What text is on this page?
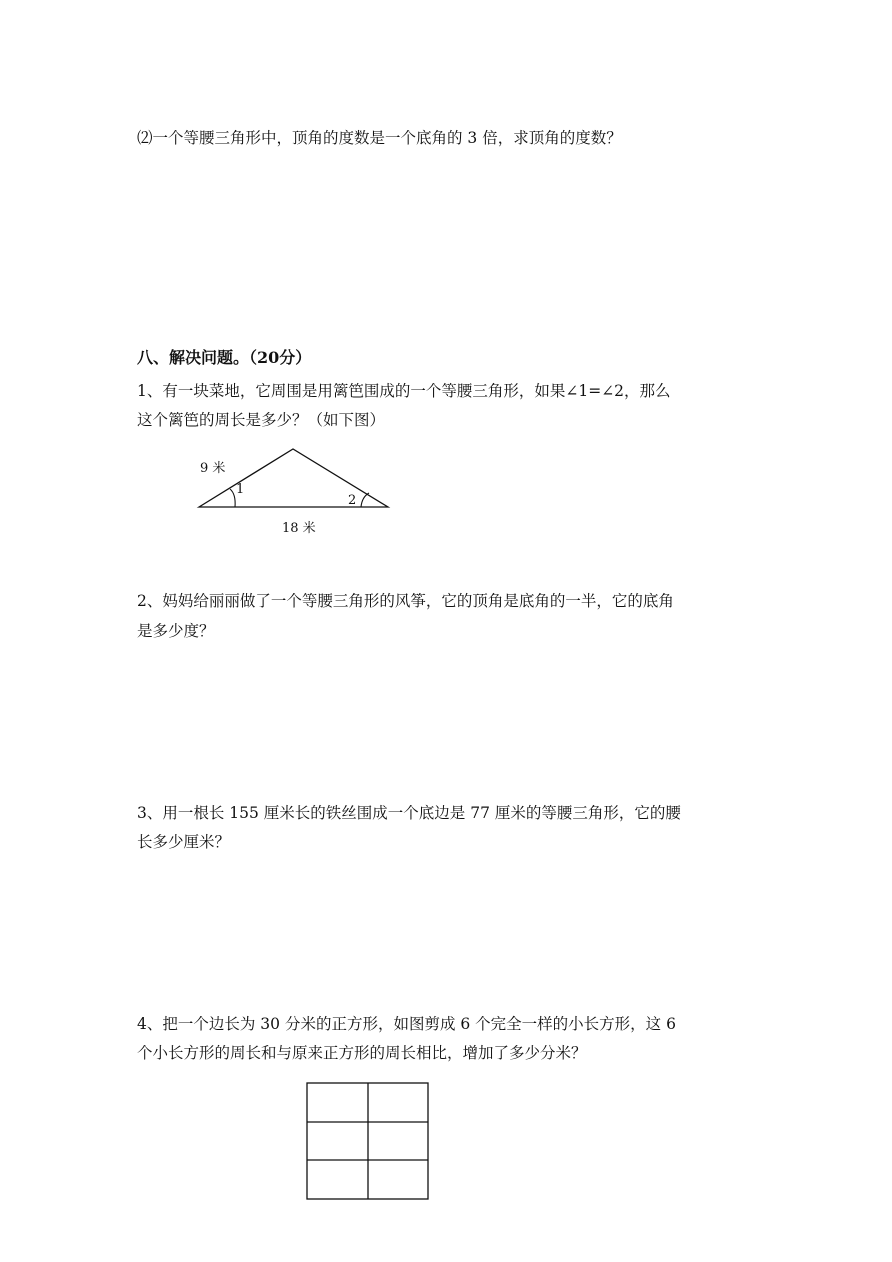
⑵一个等腰三角形中，顶角的度数是一个底角的 3 倍，求顶角的度数？
八、解决问题。（20分）
1、有一块菜地，它周围是用篱笆围成的一个等腰三角形，如果∠1=∠2，那么
这个篱笆的周长是多少？（如下图）
9 米
1
2
18 米
2、妈妈给丽丽做了一个等腰三角形的风筝，它的顶角是底角的一半，它的底角
是多少度？
3、用一根长 155 厘米长的铁丝围成一个底边是 77 厘米的等腰三角形，它的腰
长多少厘米？
4、把一个边长为 30 分米的正方形，如图剪成 6 个完全一样的小长方形，这 6
个小长方形的周长和与原来正方形的周长相比，增加了多少分米？
